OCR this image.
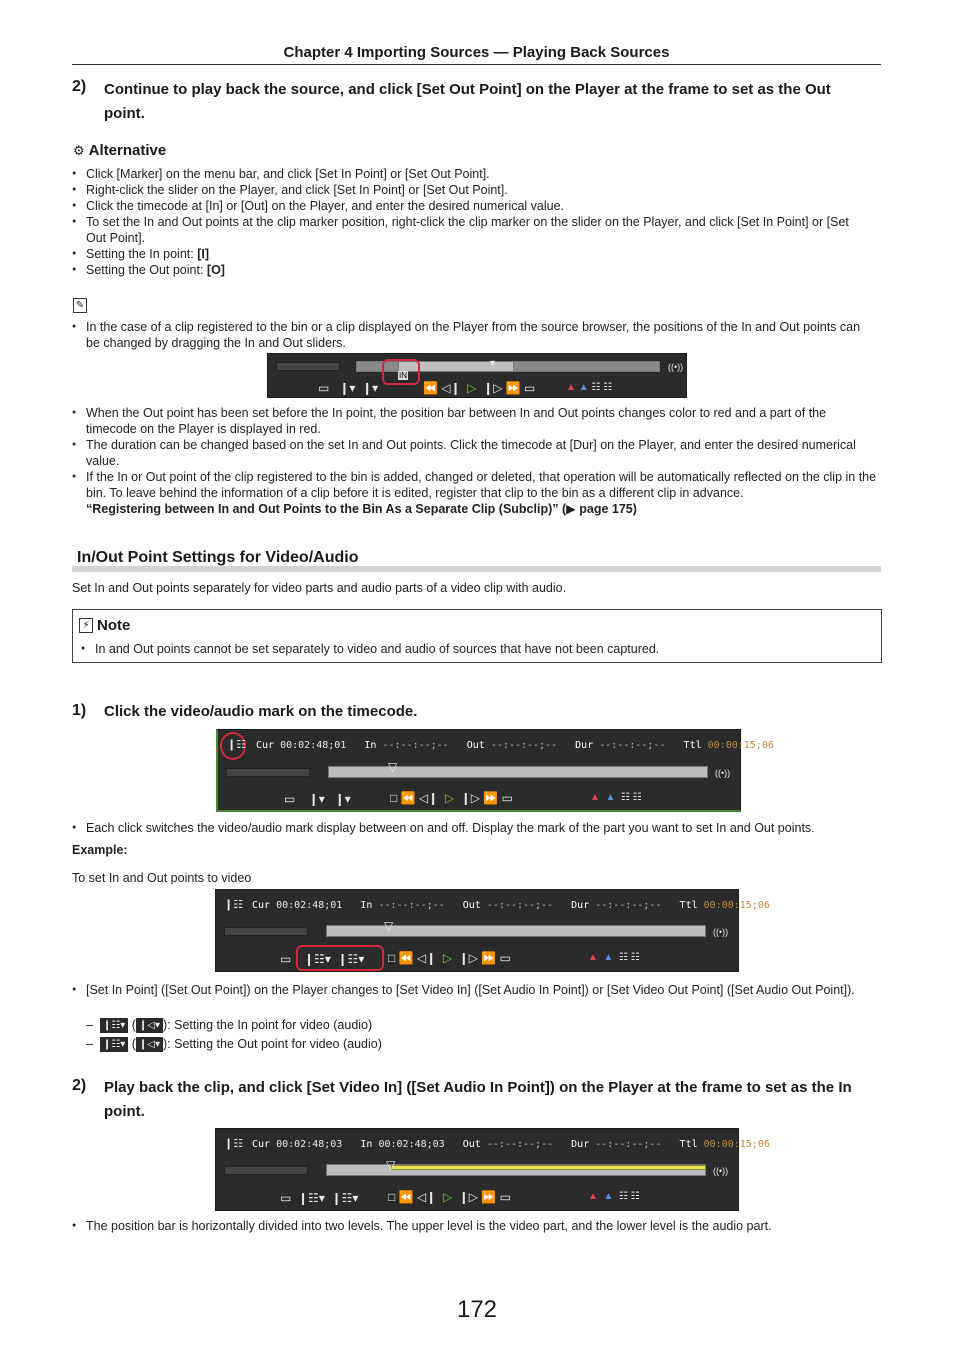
Chapter 4 Importing Sources — Playing Back Sources
2) Continue to play back the source, and click [Set Out Point] on the Player at the frame to set as the Out point.
⚙ Alternative
● Click [Marker] on the menu bar, and click [Set In Point] or [Set Out Point].
● Right-click the slider on the Player, and click [Set In Point] or [Set Out Point].
● Click the timecode at [In] or [Out] on the Player, and enter the desired numerical value.
● To set the In and Out points at the clip marker position, right-click the clip marker on the slider on the Player, and click [Set In Point] or [Set Out Point].
● Setting the In point: [I]
● Setting the Out point: [O]
✎
● In the case of a clip registered to the bin or a clip displayed on the Player from the source browser, the positions of the In and Out points can be changed by dragging the In and Out sliders.
▾	((•))
IN
▭   ❙▾  ❙▾	⏪ ◁❙  ▷  ❙▷ ⏩ ▭	▲ ▲ ☷ ☷
● When the Out point has been set before the In point, the position bar between In and Out points changes color to red and a part of the timecode on the Player is displayed in red.
● The duration can be changed based on the set In and Out points. Click the timecode at [Dur] on the Player, and enter the desired numerical value.
● If the In or Out point of the clip registered to the bin is added, changed or deleted, that operation will be automatically reflected on the clip in the bin. To leave behind the information of a clip before it is edited, register that clip to the bin as a different clip in advance.
“Registering between In and Out Points to the Bin As a Separate Clip (Subclip)” (▶ page 175)
In/Out Point Settings for Video/Audio
Set In and Out points separately for video parts and audio parts of a video clip with audio.
⚡ Note
● In and Out points cannot be set separately to video and audio of sources that have not been captured.
1) Click the video/audio mark on the timecode.
Cur 00:02:48;01 In --:--:--;-- Out --:--:--;-- Dur --:--:--;-- Ttl 00:00:15;06
❙☷
▽	((•))
▭    ❙▾   ❙▾	□ ⏪ ◁❙  ▷  ❙▷ ⏩ ▭	▲ ▲  ☷ ☷
● Each click switches the video/audio mark display between on and off. Display the mark of the part you want to set In and Out points.
Example:
To set In and Out points to video
❙☷ Cur 00:02:48;01 In --:--:--;-- Out --:--:--;-- Dur --:--:--;-- Ttl 00:00:15;06
▽	((•))
▭ ❙☷▾  ❙☷▾ □ ⏪ ◁❙  ▷  ❙▷ ⏩ ▭	▲ ▲  ☷ ☷
● [Set In Point] ([Set Out Point]) on the Player changes to [Set Video In] ([Set Audio In Point]) or [Set Video Out Point] ([Set Audio Out Point]).
–  ❙☷▾ ( ❙◁▾ ): Setting the In point for video (audio)
–  ❙☷▾ ( ❙◁▾ ): Setting the Out point for video (audio)
2) Play back the clip, and click [Set Video In] ([Set Audio In Point]) on the Player at the frame to set as the In point.
❙☷ Cur 00:02:48;03 In 00:02:48;03 Out --:--:--;-- Dur --:--:--;-- Ttl 00:00:15;06
▽	((•))
▭  ❙☷▾  ❙☷▾ □ ⏪ ◁❙  ▷  ❙▷ ⏩ ▭	▲ ▲  ☷ ☷
● The position bar is horizontally divided into two levels. The upper level is the video part, and the lower level is the audio part.
172
